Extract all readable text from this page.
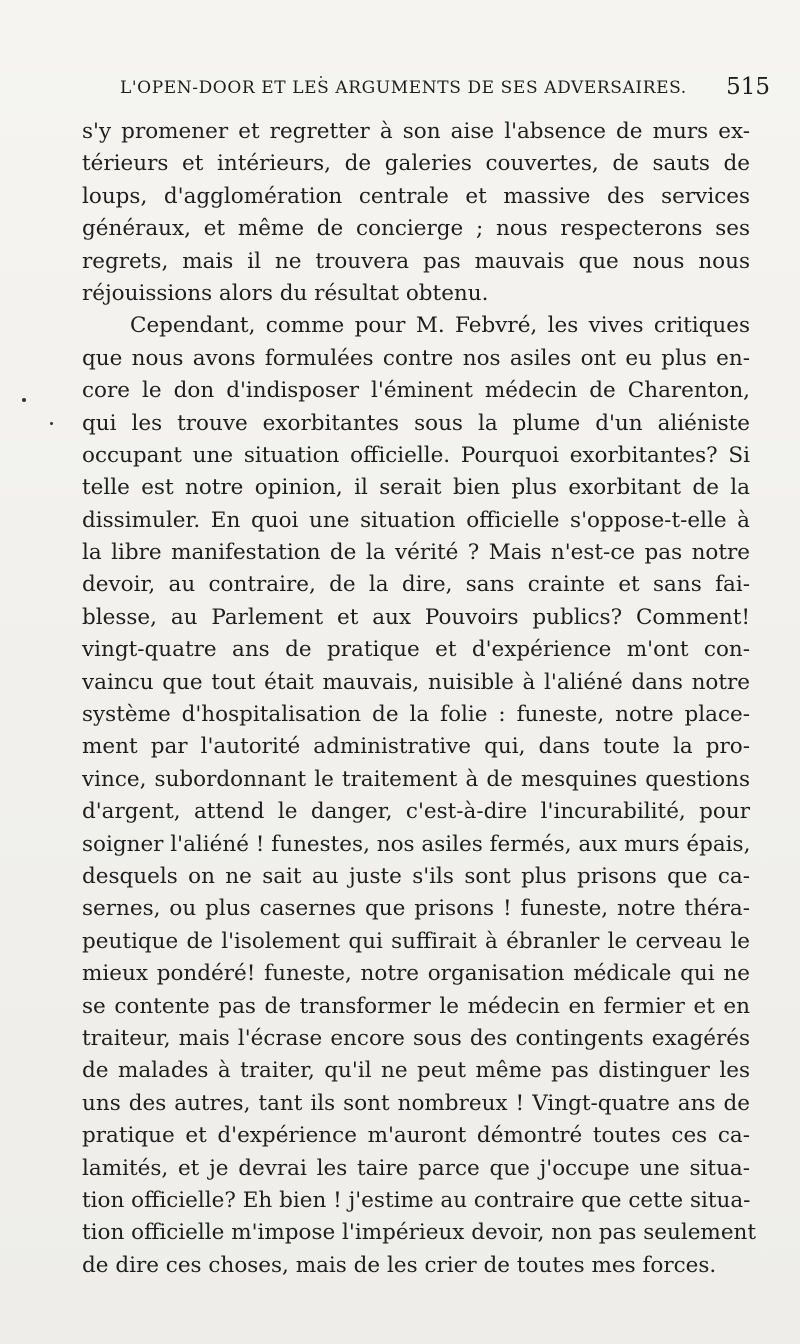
L'OPEN-DOOR ET LES ARGUMENTS DE SES ADVERSAIRES. 515
s'y promener et regretter à son aise l'absence de murs ex-
térieurs et intérieurs, de galeries couvertes, de sauts de
loups, d'agglomération centrale et massive des services
généraux, et même de concierge ; nous respecterons ses
regrets, mais il ne trouvera pas mauvais que nous nous
réjouissions alors du résultat obtenu.
Cependant, comme pour M. Febvré, les vives critiques
que nous avons formulées contre nos asiles ont eu plus en-
core le don d'indisposer l'éminent médecin de Charenton,
qui les trouve exorbitantes sous la plume d'un aliéniste
occupant une situation officielle. Pourquoi exorbitantes? Si
telle est notre opinion, il serait bien plus exorbitant de la
dissimuler. En quoi une situation officielle s'oppose-t-elle à
la libre manifestation de la vérité ? Mais n'est-ce pas notre
devoir, au contraire, de la dire, sans crainte et sans fai-
blesse, au Parlement et aux Pouvoirs publics? Comment!
vingt-quatre ans de pratique et d'expérience m'ont con-
vaincu que tout était mauvais, nuisible à l'aliéné dans notre
système d'hospitalisation de la folie : funeste, notre place-
ment par l'autorité administrative qui, dans toute la pro-
vince, subordonnant le traitement à de mesquines questions
d'argent, attend le danger, c'est-à-dire l'incurabilité, pour
soigner l'aliéné ! funestes, nos asiles fermés, aux murs épais,
desquels on ne sait au juste s'ils sont plus prisons que ca-
sernes, ou plus casernes que prisons ! funeste, notre théra-
peutique de l'isolement qui suffirait à ébranler le cerveau le
mieux pondéré! funeste, notre organisation médicale qui ne
se contente pas de transformer le médecin en fermier et en
traiteur, mais l'écrase encore sous des contingents exagérés
de malades à traiter, qu'il ne peut même pas distinguer les
uns des autres, tant ils sont nombreux ! Vingt-quatre ans de
pratique et d'expérience m'auront démontré toutes ces ca-
lamités, et je devrai les taire parce que j'occupe une situa-
tion officielle? Eh bien ! j'estime au contraire que cette situa-
tion officielle m'impose l'impérieux devoir, non pas seulement
de dire ces choses, mais de les crier de toutes mes forces.
